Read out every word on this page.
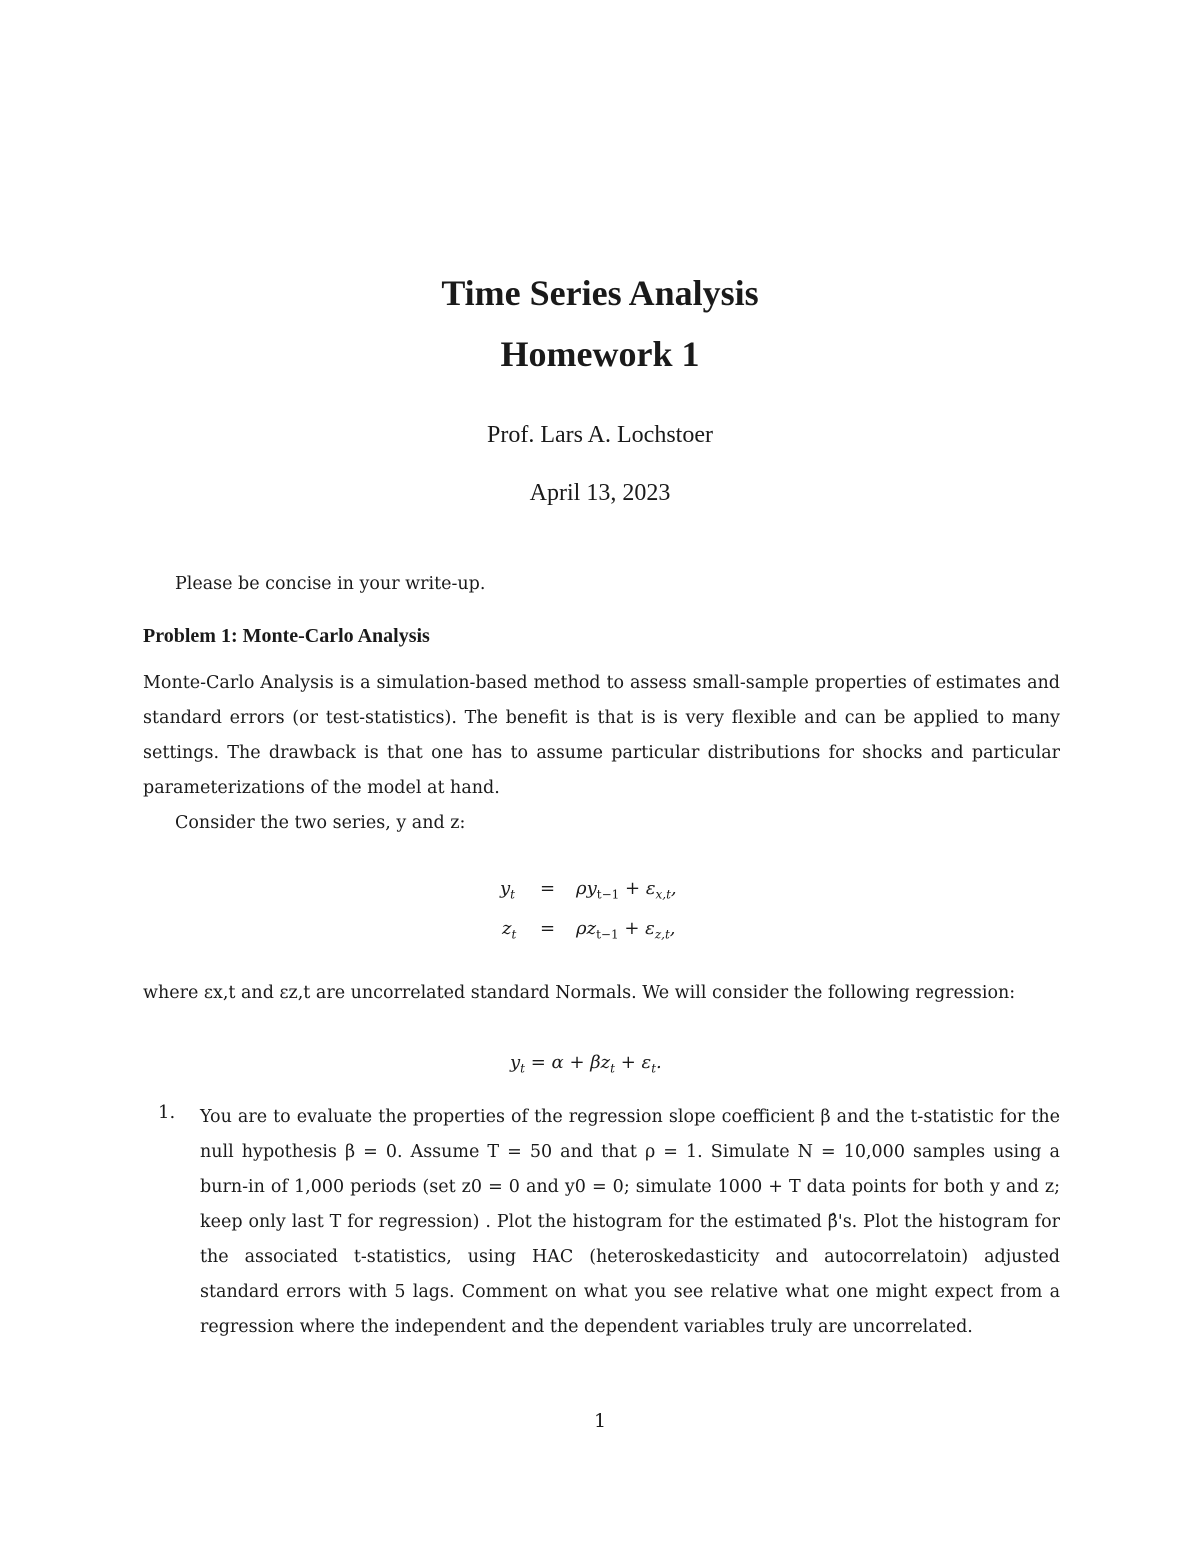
Time Series Analysis
Homework 1
Prof. Lars A. Lochstoer
April 13, 2023
Please be concise in your write-up.
Problem 1: Monte-Carlo Analysis
Monte-Carlo Analysis is a simulation-based method to assess small-sample properties of estimates and standard errors (or test-statistics). The benefit is that is is very flexible and can be applied to many settings. The drawback is that one has to assume particular distributions for shocks and particular parameterizations of the model at hand.
Consider the two series, y and z:
$y_t = \rho y_{t-1} + \varepsilon_{x,t}$,
$z_t = \rho z_{t-1} + \varepsilon_{z,t}$,
where εx,t and εz,t are uncorrelated standard Normals. We will consider the following regression:
$y_t = \alpha + \beta z_t + \varepsilon_t$.
1. You are to evaluate the properties of the regression slope coefficient β and the t-statistic for the null hypothesis β = 0. Assume T = 50 and that ρ = 1. Simulate N = 10,000 samples using a burn-in of 1,000 periods (set z0 = 0 and y0 = 0; simulate 1000 + T data points for both y and z; keep only last T for regression) . Plot the histogram for the estimated β̂'s. Plot the histogram for the associated t-statistics, using HAC (heteroskedasticity and autocorrelatoin) adjusted standard errors with 5 lags. Comment on what you see relative what one might expect from a regression where the independent and the dependent variables truly are uncorrelated.
1
